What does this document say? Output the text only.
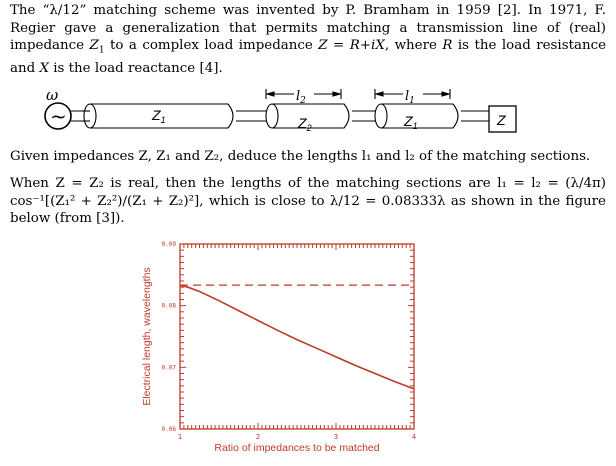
The “λ/12” matching scheme was invented by P. Bramham in 1959 [2]. In 1971, F. Regier gave a generalization that permits matching a transmission line of (real) impedance $Z_1$ to a complex load impedance Z = R+iX, where R is the load resistance and X is the load reactance [4].

ω
~	$Z_1$	$Z_2$	$Z_1$	Z
$l_2$	$l_1$
1	2	3	4
0.06
0.07
0.08
0.09
Ratio of impedances to be matched
Electrical length, wavelengths

Given impedances Z, Z₁ and Z₂, deduce the lengths l₁ and l₂ of the matching sections.

When Z = Z₂ is real, then the lengths of the matching sections are l₁ = l₂ = (λ/4π) cos⁻¹[(Z₁² + Z₂²)/(Z₁ + Z₂)²], which is close to λ/12 = 0.08333λ as shown in the figure below (from [3]).
